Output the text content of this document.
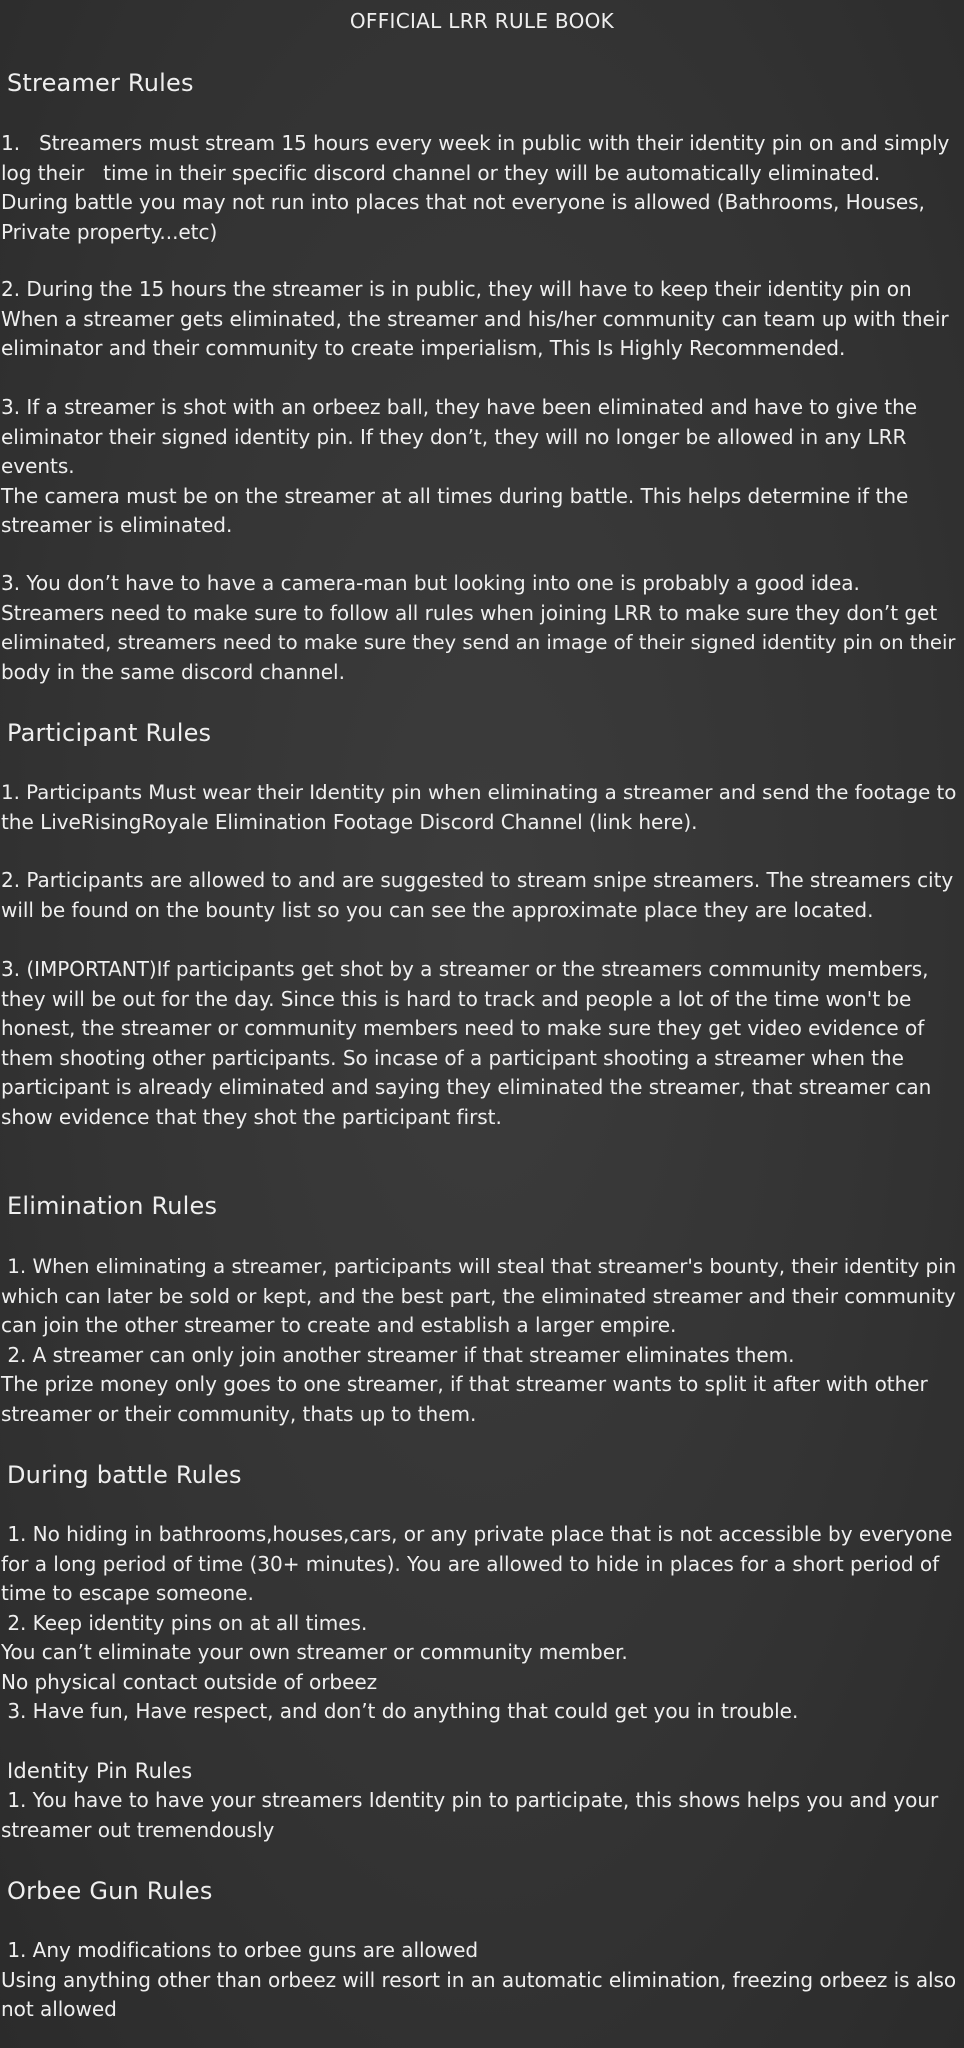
OFFICIAL LRR RULE BOOK
Streamer Rules
1.   Streamers must stream 15 hours every week in public with their identity pin on and simply
log their   time in their specific discord channel or they will be automatically eliminated.
During battle you may not run into places that not everyone is allowed (Bathrooms, Houses,
Private property...etc)
2. During the 15 hours the streamer is in public, they will have to keep their identity pin on
When a streamer gets eliminated, the streamer and his/her community can team up with their
eliminator and their community to create imperialism, This Is Highly Recommended.
3. If a streamer is shot with an orbeez ball, they have been eliminated and have to give the
eliminator their signed identity pin. If they don’t, they will no longer be allowed in any LRR
events.
The camera must be on the streamer at all times during battle. This helps determine if the
streamer is eliminated.
3. You don’t have to have a camera-man but looking into one is probably a good idea.
Streamers need to make sure to follow all rules when joining LRR to make sure they don’t get
eliminated, streamers need to make sure they send an image of their signed identity pin on their
body in the same discord channel.
Participant Rules
1. Participants Must wear their Identity pin when eliminating a streamer and send the footage to
the LiveRisingRoyale Elimination Footage Discord Channel (link here).
2. Participants are allowed to and are suggested to stream snipe streamers. The streamers city
will be found on the bounty list so you can see the approximate place they are located.
3. (IMPORTANT)If participants get shot by a streamer or the streamers community members,
they will be out for the day. Since this is hard to track and people a lot of the time won't be
honest, the streamer or community members need to make sure they get video evidence of
them shooting other participants. So incase of a participant shooting a streamer when the
participant is already eliminated and saying they eliminated the streamer, that streamer can
show evidence that they shot the participant first.
Elimination Rules
1. When eliminating a streamer, participants will steal that streamer's bounty, their identity pin
which can later be sold or kept, and the best part, the eliminated streamer and their community
can join the other streamer to create and establish a larger empire.
2. A streamer can only join another streamer if that streamer eliminates them.
The prize money only goes to one streamer, if that streamer wants to split it after with other
streamer or their community, thats up to them.
During battle Rules
1. No hiding in bathrooms,houses,cars, or any private place that is not accessible by everyone
for a long period of time (30+ minutes). You are allowed to hide in places for a short period of
time to escape someone.
2. Keep identity pins on at all times.
You can’t eliminate your own streamer or community member.
No physical contact outside of orbeez
3. Have fun, Have respect, and don’t do anything that could get you in trouble.
Identity Pin Rules
1. You have to have your streamers Identity pin to participate, this shows helps you and your
streamer out tremendously
Orbee Gun Rules
1. Any modifications to orbee guns are allowed
Using anything other than orbeez will resort in an automatic elimination, freezing orbeez is also
not allowed
